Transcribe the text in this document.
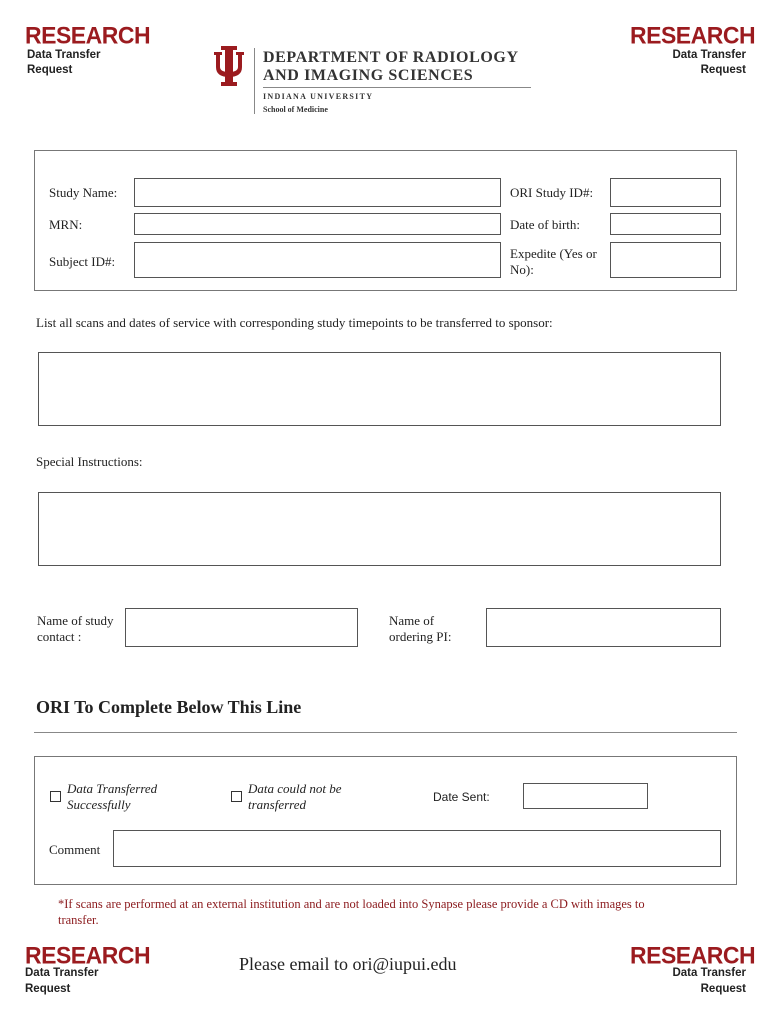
RESEARCH
Data Transfer
Request
RESEARCH
Data Transfer
Request
DEPARTMENT OF RADIOLOGY
AND IMAGING SCIENCES
INDIANA UNIVERSITY
School of Medicine
Study Name:
MRN:
Subject ID#:
ORI Study ID#:
Date of birth:
Expedite (Yes or
No):
List all scans and dates of service with corresponding study timepoints to be transferred to sponsor:
Special Instructions:
Name of study
contact :
Name of
ordering PI:
ORI To Complete Below This Line
Data Transferred
Successfully
Data could not be
transferred	Date Sent:
Comment
*If scans are performed at an external institution and are not loaded into Synapse please provide a CD with images to
transfer.
RESEARCH
Data Transfer
Request
Please email to ori@iupui.edu	RESEARCH
Data Transfer
Request
